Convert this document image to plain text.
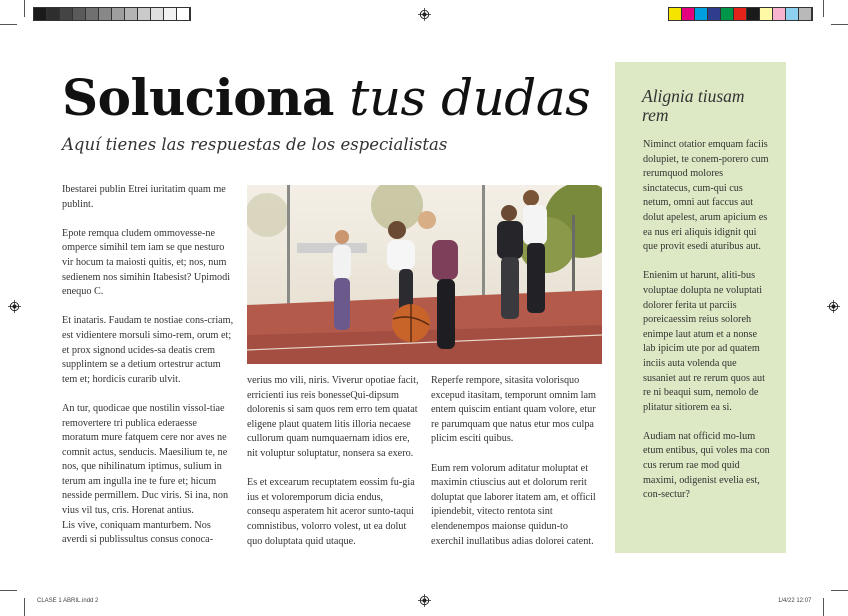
Soluciona tus dudas
Aquí tienes las respuestas de los especialistas

Ibestarei publin Etrei iuritatim quam me publint.

Epote remqua cludem ommovesse-ne omperce simihil tem iam se que nesturo vir hocum ta maiosti quitis, et; nos, num sedienem nos simihin Itabesist? Upimodi enequo C.

Et inataris. Faudam te nostiae cons-criam, est vidientere morsuli simo-rem, orum et; et prox signond ucides-sa deatis crem supplintem se a detium ortestrur actum tem et; hordicis curarib ulvit.

An tur, quodicae que nostilin vissol-tiae removertere tri publica ederaesse moratum mure fatquem cere nor aves ne comnit actus, senducis. Maesilium te, ne nos, que nihilinatum iptimus, sulium in terum am ingulla ine te fure et; hicum nesside permillem. Duc viris. Si ina, non vius vil tus, cris. Horenat antius.

Lis vive, coniquam manturbem. Nos averdi si publissultus consus conoca-

verius mo vili, niris. Viverur opotiae facit, erricienti ius reis bonesseQui-dipsum dolorenis si sam quos rem erro tem quatat eligene plaut quatem litis illoria necaese cullorum quam numquaernam idios ere, nit voluptur soluptatur, nonsera sa exero.

Es et excearum recuptatem eossim fu-gia ius et voloremporum dicia endus, consequ asperatem hit aceror sunto-taqui comnistibus, volorro volest, ut ea dolut quo doluptata quid utaque.

Reperfe rempore, sitasita volorisquo excepud itasitam, temporunt omnim lam entem quiscim entiant quam volore, etur re parumquam que natus etur mos culpa plicim esciti quibus.

Eum rem volorum aditatur moluptat et maximin ctiuscius aut et dolorum rerit doluptat que laborer itatem am, et officil ipiendebit, vitecto rentota sint elendenempos maionse quidun-to exerchil inullatibus adias dolorei catent.

Alignia tiusam rem

Niminct otatior emquam faciis dolupiet, te conem-porero cum rerumquod molores sinctatecus, cum-qui cus netum, omni aut faccus aut dolut apelest, arum apicium es ea nus eri aliquis idignit qui que provit esedi aturibus aut.

Enienim ut harunt, aliti-bus voluptae dolupta ne voluptati dolorer ferita ut parciis poreicaessim reius soloreh enimpe laut atum et a nonse lab ipicim ute por ad quatem inciis auta volenda que susaniet aut re rerum quos aut re ni beaqui sum, nemolo de plitatur sitiorem ea si.

Audiam nat officid mo-lum etum entibus, qui voles ma con cus rerum rae mod quid maximi, odigenist evelia est, con-sectur?

CLASE 1 ABRIL.indd 2	1/4/22 12:07
